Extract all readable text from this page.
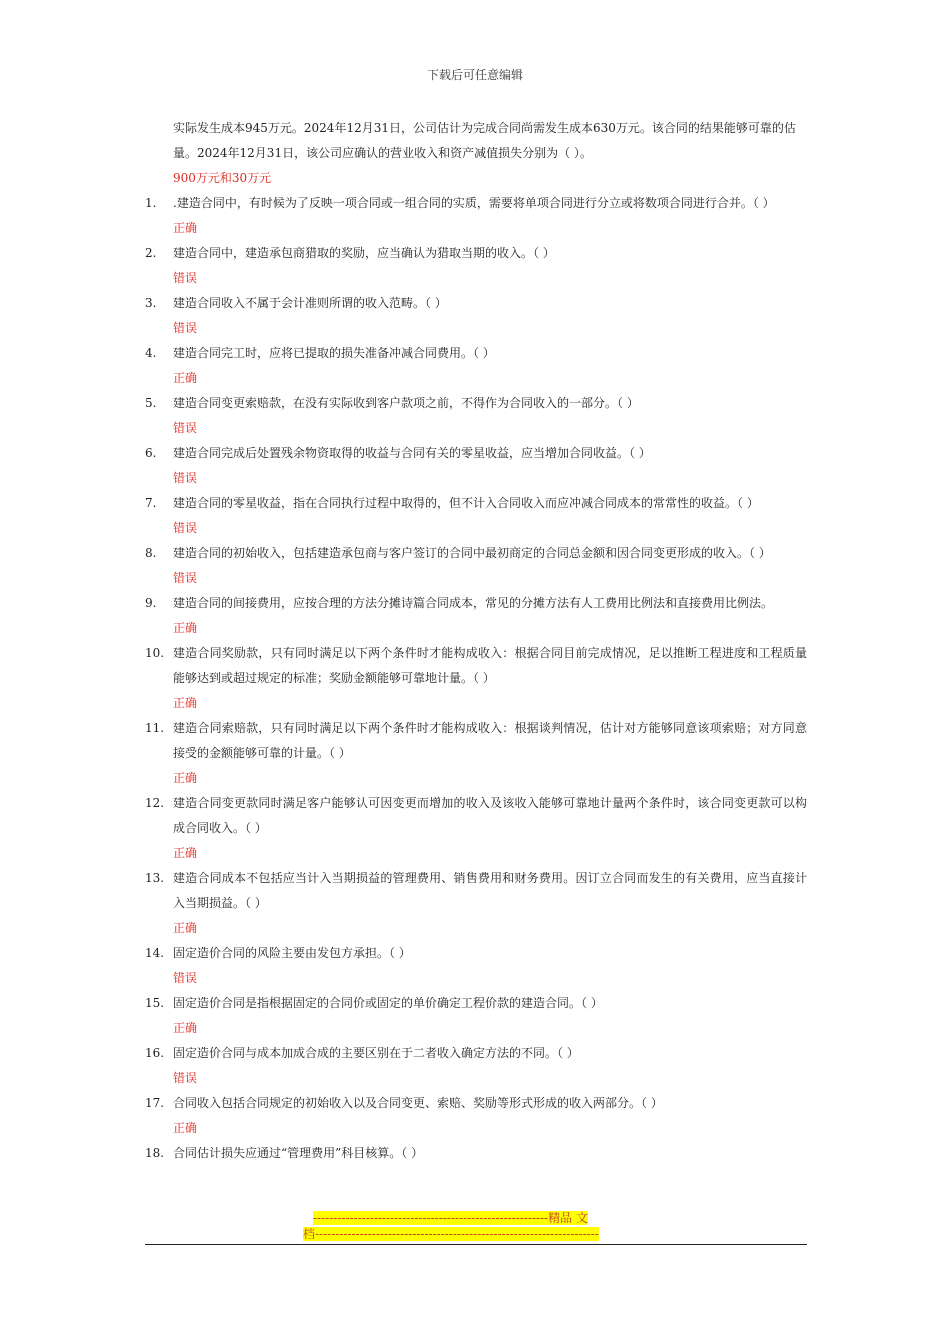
下载后可任意编辑
实际发生成本945万元。2024年12月31日，公司估计为完成合同尚需发生成本630万元。该合同的结果能够可靠的估量。2024年12月31日，该公司应确认的营业收入和资产减值损失分别为（ ）。
900万元和30万元
1.	.建造合同中，有时候为了反映一项合同或一组合同的实质，需要将单项合同进行分立或将数项合同进行合并。（ ）
正确
2.	建造合同中，建造承包商猎取的奖励，应当确认为猎取当期的收入。（ ）
错误
3.	建造合同收入不属于会计准则所谓的收入范畴。（ ）
错误
4.	建造合同完工时，应将已提取的损失准备冲减合同费用。（ ）
正确
5.	建造合同变更索赔款，在没有实际收到客户款项之前，不得作为合同收入的一部分。（ ）
错误
6.	建造合同完成后处置残余物资取得的收益与合同有关的零星收益，应当增加合同收益。（ ）
错误
7.	建造合同的零星收益，指在合同执行过程中取得的，但不计入合同收入而应冲减合同成本的常常性的收益。（ ）
错误
8.	建造合同的初始收入，包括建造承包商与客户签订的合同中最初商定的合同总金额和因合同变更形成的收入。（ ）
错误
9.	建造合同的间接费用，应按合理的方法分摊诗篇合同成本，常见的分摊方法有人工费用比例法和直接费用比例法。
正确
10. 建造合同奖励款，只有同时满足以下两个条件时才能构成收入：根据合同目前完成情况，足以推断工程进度和工程质量能够达到或超过规定的标准；奖励金额能够可靠地计量。（ ）
正确
11. 建造合同索赔款，只有同时满足以下两个条件时才能构成收入：根据谈判情况，估计对方能够同意该项索赔；对方同意接受的金额能够可靠的计量。（ ）
正确
12. 建造合同变更款同时满足客户能够认可因变更而增加的收入及该收入能够可靠地计量两个条件时，该合同变更款可以构成合同收入。（ ）
正确
13. 建造合同成本不包括应当计入当期损益的管理费用、销售费用和财务费用。因订立合同而发生的有关费用，应当直接计入当期损益。（ ）
正确
14. 固定造价合同的风险主要由发包方承担。（ ）
错误
15. 固定造价合同是指根据固定的合同价或固定的单价确定工程价款的建造合同。（ ）
正确
16. 固定造价合同与成本加成合成的主要区别在于二者收入确定方法的不同。（ ）
错误
17. 合同收入包括合同规定的初始收入以及合同变更、索赔、奖励等形式形成的收入两部分。（ ）
正确
18. 合同估计损失应通过“管理费用”科目核算。（ ）
----------------------------------------------------------精品 文
档----------------------------------------------------------------------
